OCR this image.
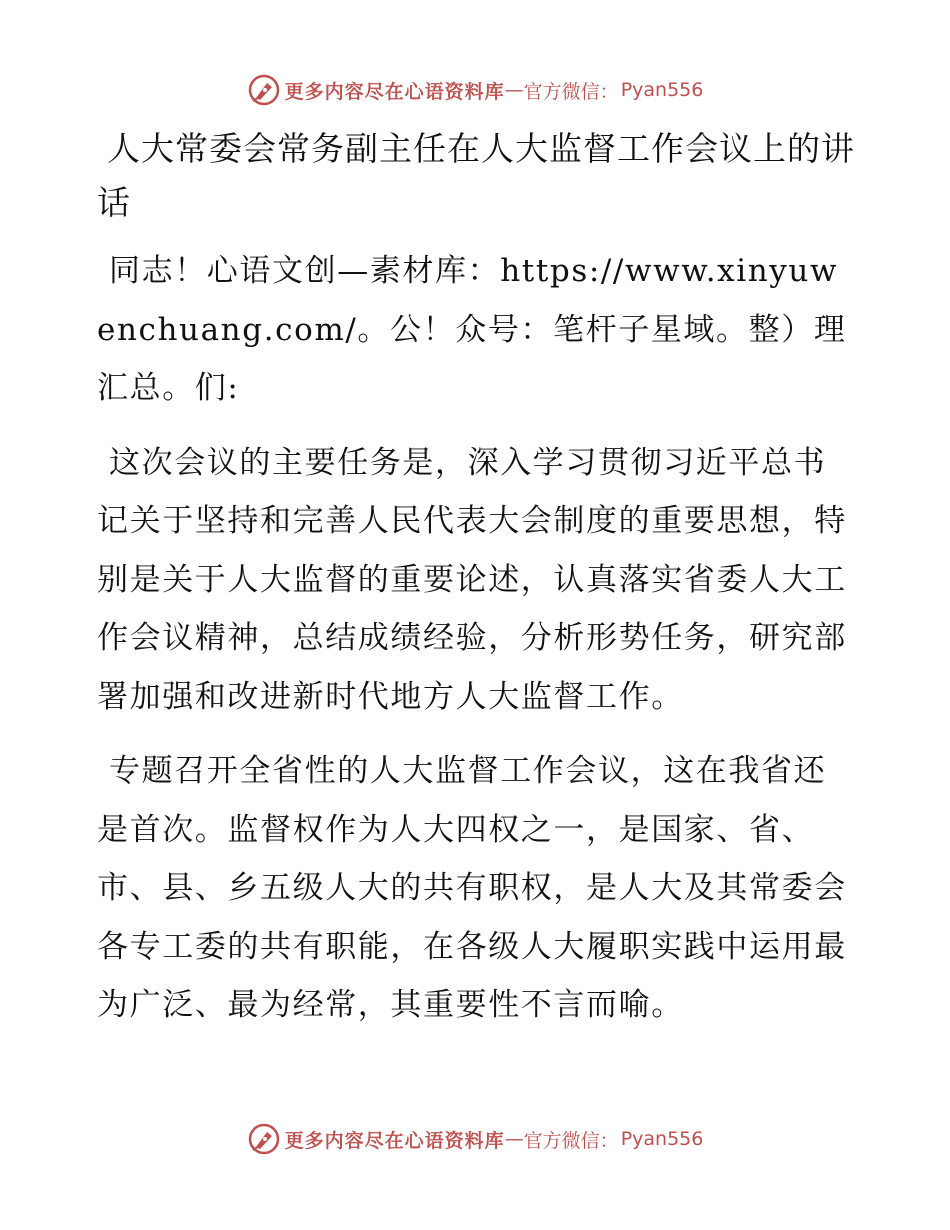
更多内容尽在心语资料库 — 官方微信： Pyan556
人大常委会常务副主任在人大监督工作会议上的讲话

同志！心语文创—素材库：https://www.xinyuwenchuang.com/。公！众号：笔杆子星域。整）理汇总。们:

这次会议的主要任务是，深入学习贯彻习近平总书记关于坚持和完善人民代表大会制度的重要思想，特别是关于人大监督的重要论述，认真落实省委人大工作会议精神，总结成绩经验，分析形势任务，研究部署加强和改进新时代地方人大监督工作。

专题召开全省性的人大监督工作会议，这在我省还是首次。监督权作为人大四权之一，是国家、省、市、县、乡五级人大的共有职权，是人大及其常委会各专工委的共有职能，在各级人大履职实践中运用最为广泛、最为经常，其重要性不言而喻。

更多内容尽在心语资料库 — 官方微信： Pyan556
